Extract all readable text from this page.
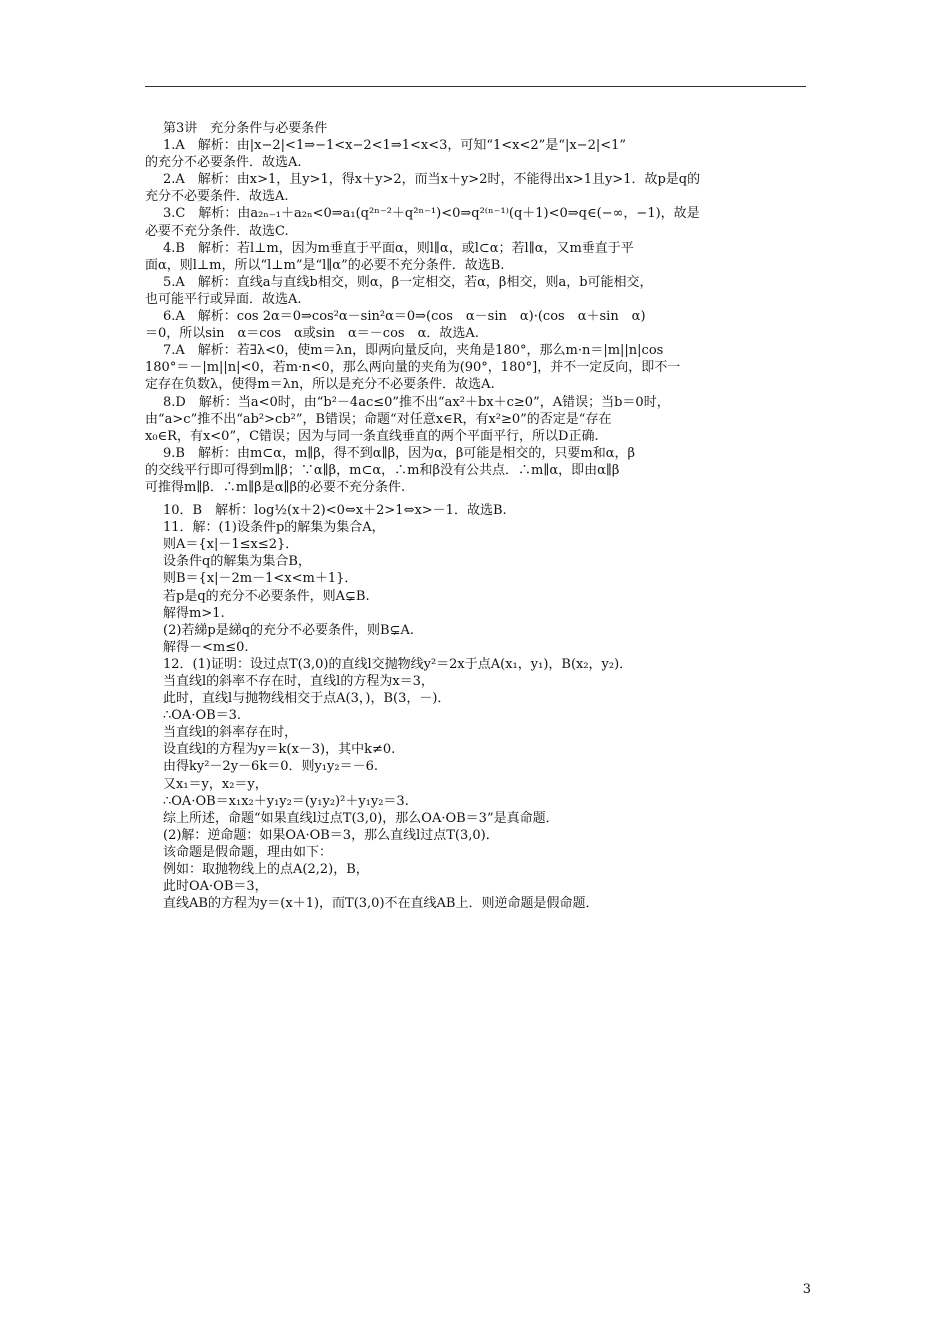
第3讲　充分条件与必要条件
1.A　解析：由|x−2|<1⇒−1<x−2<1⇒1<x<3，可知“1<x<2”是“|x−2|<1”
的充分不必要条件．故选A.
2.A　解析：由x>1，且y>1，得x＋y>2，而当x＋y>2时，不能得出x>1且y>1．故p是q的
充分不必要条件．故选A.
3.C　解析：由a₂ₙ₋₁＋a₂ₙ<0⇒a₁(q²ⁿ⁻²＋q²ⁿ⁻¹)<0⇒q²⁽ⁿ⁻¹⁾(q＋1)<0⇒q∈(−∞，−1)，故是
必要不充分条件．故选C.
4.B　解析：若l⊥m，因为m垂直于平面α，则l∥α，或l⊂α；若l∥α，又m垂直于平
面α，则l⊥m，所以“l⊥m”是“l∥α”的必要不充分条件．故选B.
5.A　解析：直线a与直线b相交，则α，β一定相交，若α，β相交，则a，b可能相交，
也可能平行或异面．故选A.
6.A　解析：cos 2α＝0⇒cos²α－sin²α＝0⇒(cos　α－sin　α)·(cos　α＋sin　α)
＝0，所以sin　α＝cos　α或sin　α＝－cos　α．故选A.
7.A　解析：若∃λ<0，使m＝λn，即两向量反向，夹角是180°，那么m·n＝|m||n|cos
180°＝－|m||n|<0，若m·n<0，那么两向量的夹角为(90°，180°]，并不一定反向，即不一
定存在负数λ，使得m＝λn，所以是充分不必要条件．故选A.
8.D　解析：当a<0时，由“b²－4ac≤0”推不出“ax²＋bx＋c≥0”，A错误；当b＝0时，
由“a>c”推不出“ab²>cb²”，B错误；命题“对任意x∈R，有x²≥0”的否定是“存在
x₀∈R，有x<0”，C错误；因为与同一条直线垂直的两个平面平行，所以D正确.
9.B　解析：由m⊂α，m∥β，得不到α∥β，因为α，β可能是相交的，只要m和α，β
的交线平行即可得到m∥β；∵α∥β，m⊂α，∴m和β没有公共点．∴m∥α，即由α∥β
可推得m∥β．∴m∥β是α∥β的必要不充分条件.
10．B　解析：log½(x＋2)<0⇔x＋2>1⇔x>－1．故选B.
11．解：(1)设条件p的解集为集合A，
则A＝{x|－1≤x≤2}．
设条件q的解集为集合B，
则B＝{x|－2m－1<x<m＋1}．
若p是q的充分不必要条件，则A⊊B.
解得m>1.
(2)若綈p是綈q的充分不必要条件，则B⊊A.
解得－<m≤0.
12．(1)证明：设过点T(3,0)的直线l交抛物线y²＝2x于点A(x₁，y₁)，B(x₂，y₂)．
当直线l的斜率不存在时，直线l的方程为x＝3，
此时，直线l与抛物线相交于点A(3，)，B(3，－)．
∴OA·OB＝3.
当直线l的斜率存在时，
设直线l的方程为y＝k(x－3)，其中k≠0.
由得ky²－2y－6k＝0．则y₁y₂＝－6.
又x₁＝y，x₂＝y，
∴OA·OB＝x₁x₂＋y₁y₂＝(y₁y₂)²＋y₁y₂＝3.
综上所述，命题“如果直线l过点T(3,0)，那么OA·OB＝3”是真命题．
(2)解：逆命题：如果OA·OB＝3，那么直线l过点T(3,0)．
该命题是假命题，理由如下：
例如：取抛物线上的点A(2,2)，B，
此时OA·OB＝3，
直线AB的方程为y＝(x＋1)，而T(3,0)不在直线AB上．则逆命题是假命题．
3
